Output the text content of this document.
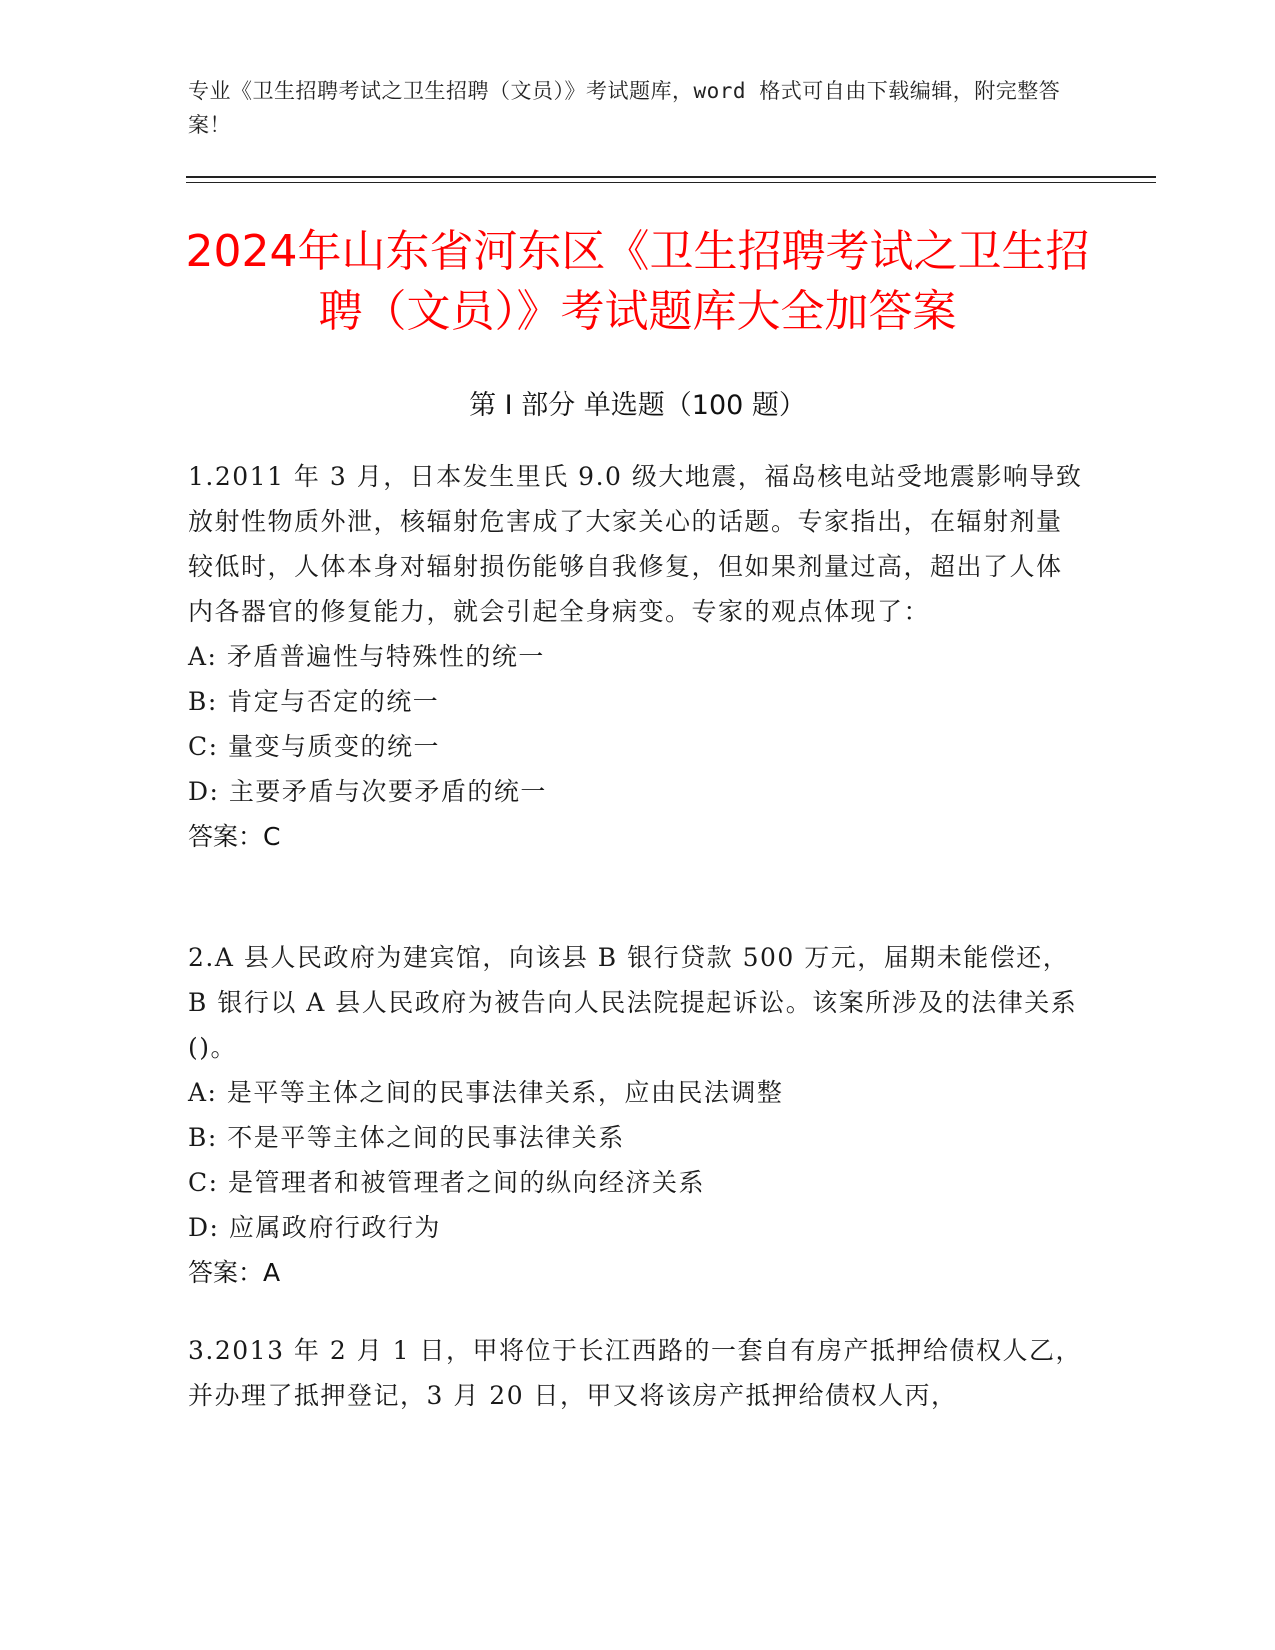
专业《卫生招聘考试之卫生招聘（文员）》考试题库，word 格式可自由下载编辑，附完整答案！
2024年山东省河东区《卫生招聘考试之卫生招聘（文员）》考试题库大全加答案
第 I 部分 单选题（100 题）

1.2011 年 3 月，日本发生里氏 9.0 级大地震，福岛核电站受地震影响导致放射性物质外泄，核辐射危害成了大家关心的话题。专家指出，在辐射剂量较低时，人体本身对辐射损伤能够自我修复，但如果剂量过高，超出了人体内各器官的修复能力，就会引起全身病变。专家的观点体现了：

A: 矛盾普遍性与特殊性的统一

B: 肯定与否定的统一

C: 量变与质变的统一

D: 主要矛盾与次要矛盾的统一

答案：C

2.A 县人民政府为建宾馆，向该县 B 银行贷款 500 万元，届期未能偿还，B 银行以 A 县人民政府为被告向人民法院提起诉讼。该案所涉及的法律关系()。

A: 是平等主体之间的民事法律关系，应由民法调整

B: 不是平等主体之间的民事法律关系

C: 是管理者和被管理者之间的纵向经济关系

D: 应属政府行政行为

答案：A

3.2013 年 2 月 1 日，甲将位于长江西路的一套自有房产抵押给债权人乙，并办理了抵押登记，3 月 20 日，甲又将该房产抵押给债权人丙，
